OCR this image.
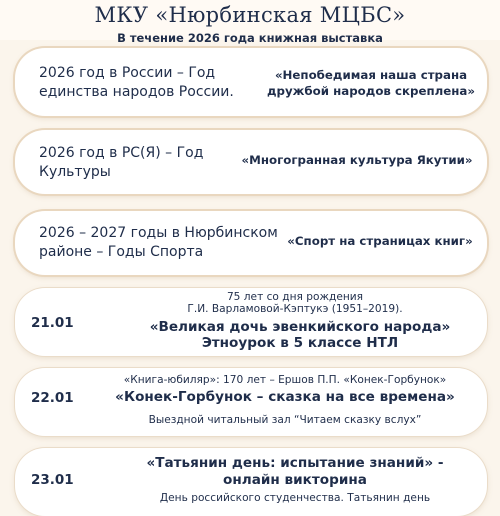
МКУ «Нюрбинская МЦБС»
В течение 2026 года книжная выставка
2026 год в России – Год
единства народов России.
«Непобедимая наша страна
дружбой народов скреплена»
2026 год в РС(Я) – Год
Культуры
«Многогранная культура Якутии»
2026 – 2027 годы в Нюрбинском
районе – Годы Спорта
«Спорт на страницах книг»
21.01
75 лет со дня рождения
Г.И. Варламовой-Кэптукэ (1951–2019).
«Великая дочь эвенкийского народа»
Этноурок в 5 классе НТЛ
22.01
«Книга-юбиляр»: 170 лет – Ершов П.П. «Конек-Горбунок»
«Конек-Горбунок – сказка на все времена»
Выездной читальный зал “Читаем сказку вслух”
23.01
«Татьянин день: испытание знаний» -
онлайн викторина
День российского студенчества. Татьянин день
